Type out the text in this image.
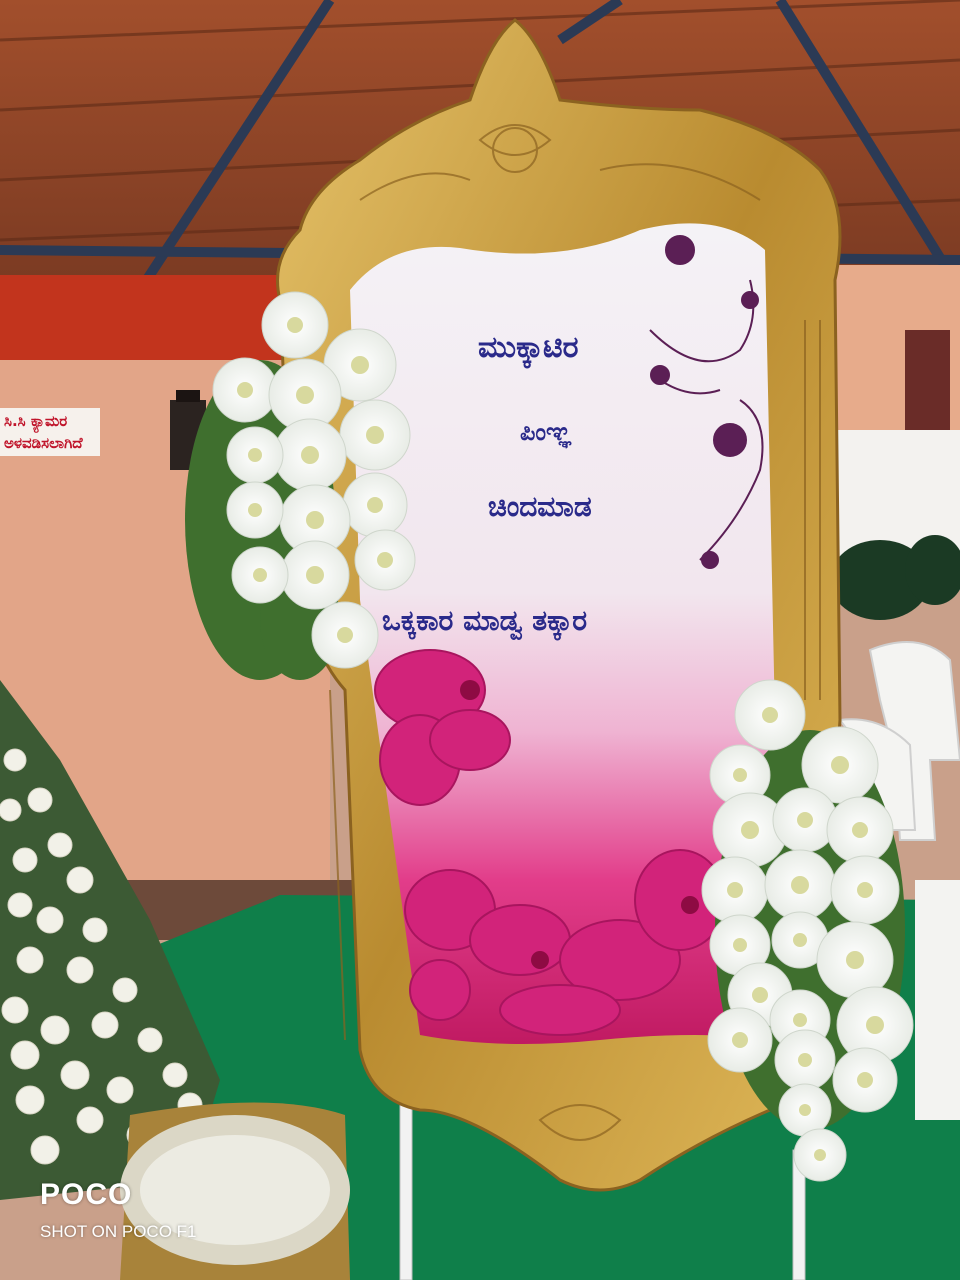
ಸಿ.ಸಿ ಕ್ಯಾಮರ
ಅಳವಡಿಸಲಾಗಿದೆ
ಮುಕ್ಕಾಟಿರ
ಪಿಂಞ್ಞ
ಚಿಂದಮಾಡ
ಒಕ್ಕಕಾರ ಮಾಡ್ವ ತಕ್ಕಾರ
POCO
SHOT ON POCO F1
